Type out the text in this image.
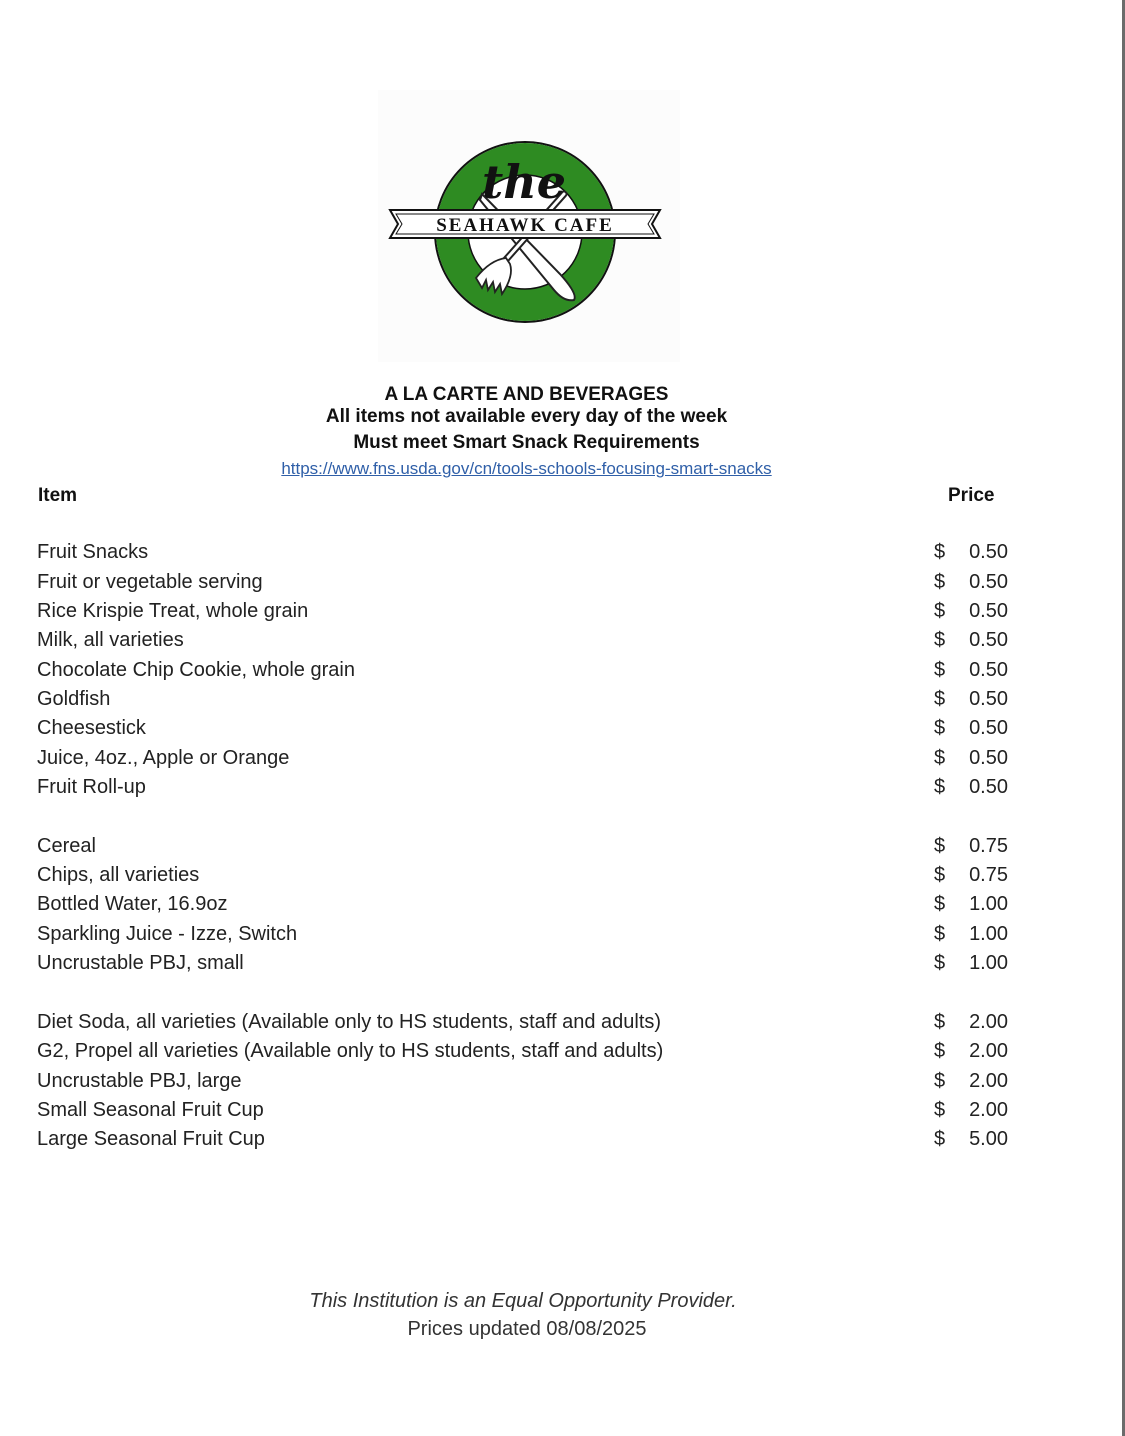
SEAHAWK CAFE
the
A LA CARTE AND BEVERAGES
All items not available every day of the week
Must meet Smart Snack Requirements
https://www.fns.usda.gov/cn/tools-schools-focusing-smart-snacks
Item	Price
Fruit Snacks	$ 0.50
Fruit or vegetable serving	$ 0.50
Rice Krispie Treat, whole grain	$ 0.50
Milk, all varieties	$ 0.50
Chocolate Chip Cookie, whole grain	$ 0.50
Goldfish	$ 0.50
Cheesestick	$ 0.50
Juice, 4oz., Apple or Orange	$ 0.50
Fruit Roll-up	$ 0.50
Cereal	$ 0.75
Chips, all varieties	$ 0.75
Bottled Water, 16.9oz	$ 1.00
Sparkling Juice - Izze, Switch	$ 1.00
Uncrustable PBJ, small	$ 1.00
Diet Soda, all varieties (Available only to HS students, staff and adults)	$ 2.00
G2, Propel all varieties (Available only to HS students, staff and adults)	$ 2.00
Uncrustable PBJ, large	$ 2.00
Small Seasonal Fruit Cup	$ 2.00
Large Seasonal Fruit Cup	$ 5.00
This Institution is an Equal Opportunity Provider.
Prices updated 08/08/2025
